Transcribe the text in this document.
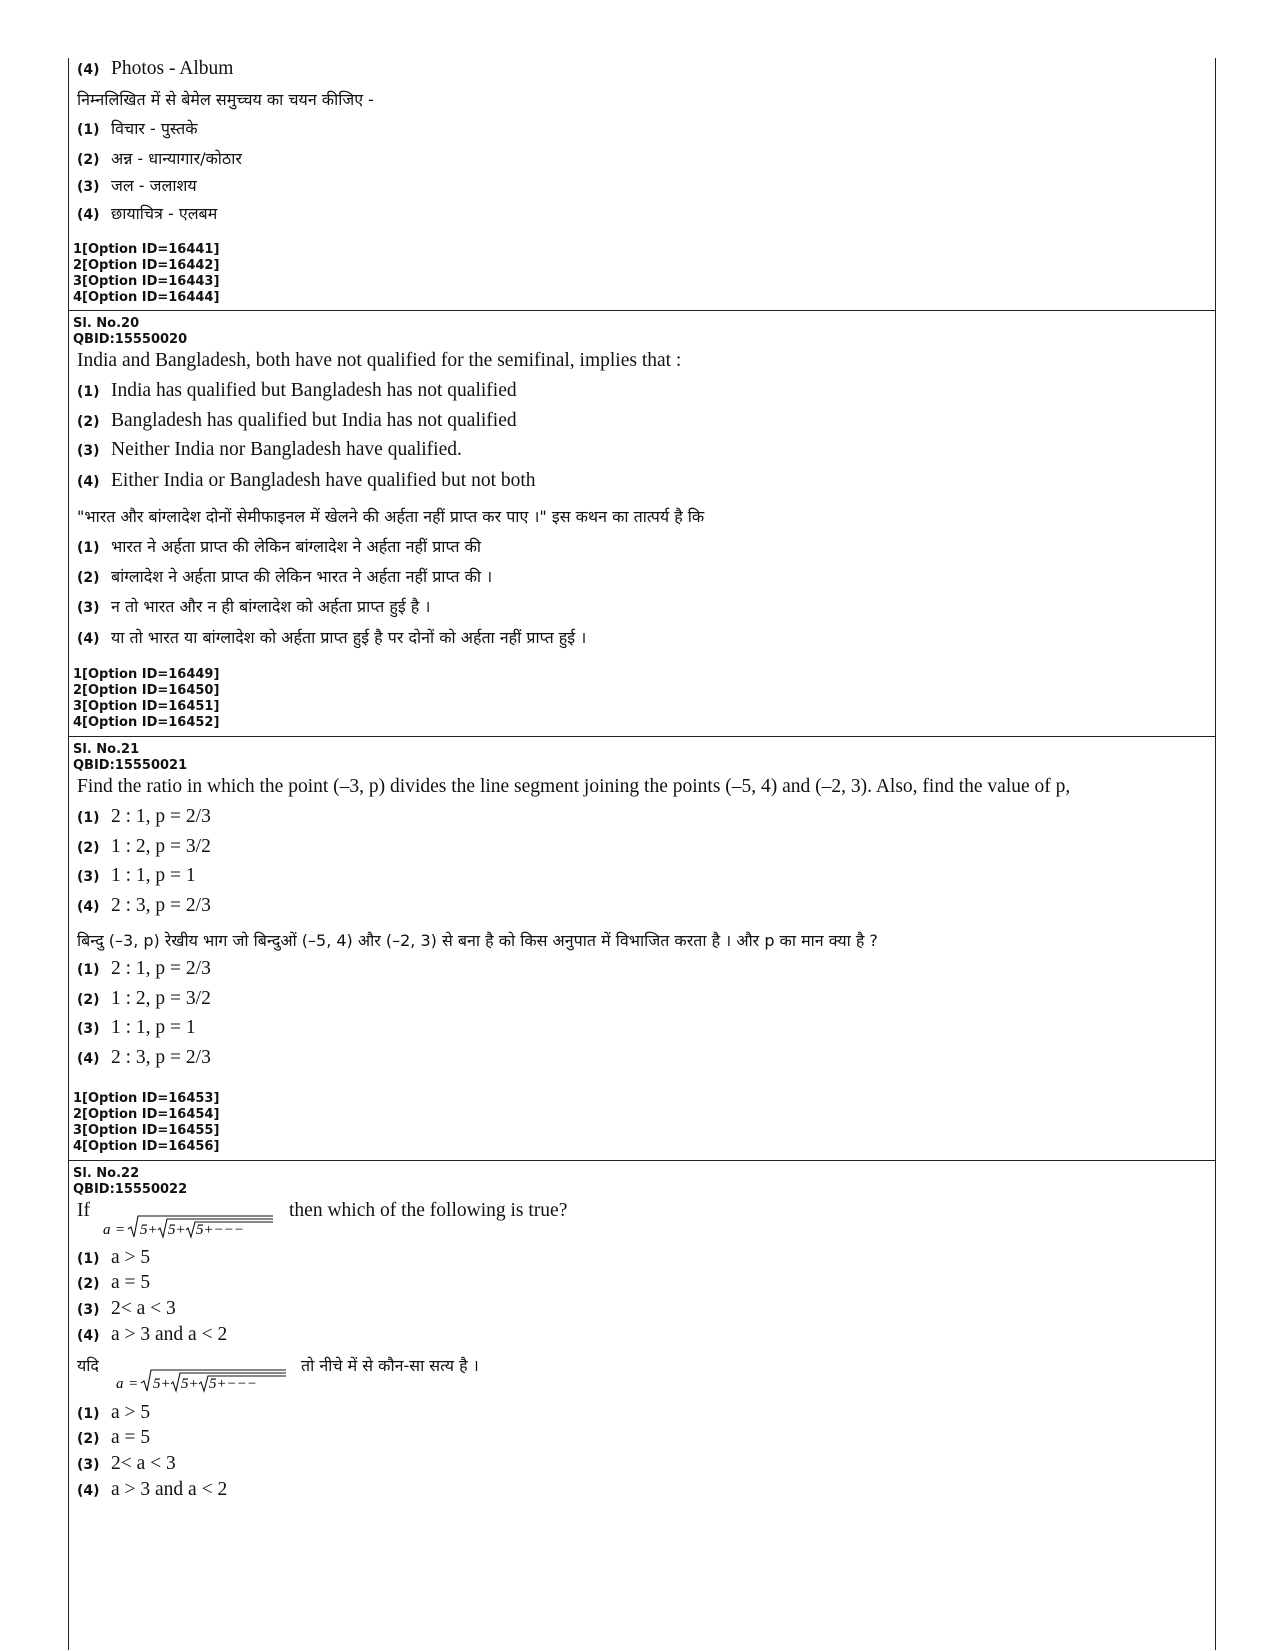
(4) Photos - Album
निम्नलिखित में से बेमेल समुच्चय का चयन कीजिए -
(1) विचार - पुस्तके
(2) अन्न - धान्यागार/कोठार
(3) जल - जलाशय
(4) छायाचित्र - एलबम
1[Option ID=16441]
2[Option ID=16442]
3[Option ID=16443]
4[Option ID=16444]
Sl. No.20
QBID:15550020
India and Bangladesh, both have not qualified for the semifinal, implies that :
(1) India has qualified but Bangladesh has not qualified
(2) Bangladesh has qualified but India has not qualified
(3) Neither India nor Bangladesh have qualified.
(4) Either India or Bangladesh have qualified but not both
"भारत और बांग्लादेश दोनों सेमीफाइनल में खेलने की अर्हता नहीं प्राप्त कर पाए ।" इस कथन का तात्पर्य है कि
(1) भारत ने अर्हता प्राप्त की लेकिन बांग्लादेश ने अर्हता नहीं प्राप्त की
(2) बांग्लादेश ने अर्हता प्राप्त की लेकिन भारत ने अर्हता नहीं प्राप्त की ।
(3) न तो भारत और न ही बांग्लादेश को अर्हता प्राप्त हुई है ।
(4) या तो भारत या बांग्लादेश को अर्हता प्राप्त हुई है पर दोनों को अर्हता नहीं प्राप्त हुई ।
1[Option ID=16449]
2[Option ID=16450]
3[Option ID=16451]
4[Option ID=16452]
Sl. No.21
QBID:15550021
Find the ratio in which the point (–3, p) divides the line segment joining the points (–5, 4) and (–2, 3). Also, find the value of p,
(1) 2 : 1, p = 2/3
(2) 1 : 2, p = 3/2
(3) 1 : 1, p = 1
(4) 2 : 3, p = 2/3
बिन्दु (–3, p) रेखीय भाग जो बिन्दुओं (–5, 4) और (–2, 3) से बना है को किस अनुपात में विभाजित करता है । और p का मान क्या है ?
(1) 2 : 1, p = 2/3
(2) 1 : 2, p = 3/2
(3) 1 : 1, p = 1
(4) 2 : 3, p = 2/3
1[Option ID=16453]
2[Option ID=16454]
3[Option ID=16455]
4[Option ID=16456]
Sl. No.22
QBID:15550022
If
a = 5+ 5+ 5+−−−
then which of the following is true?
(1) a > 5
(2) a = 5
(3) 2< a < 3
(4) a > 3 and a < 2
यदि
a = 5+ 5+ 5+−−−
तो नीचे में से कौन-सा सत्य है ।
(1) a > 5
(2) a = 5
(3) 2< a < 3
(4) a > 3 and a < 2
